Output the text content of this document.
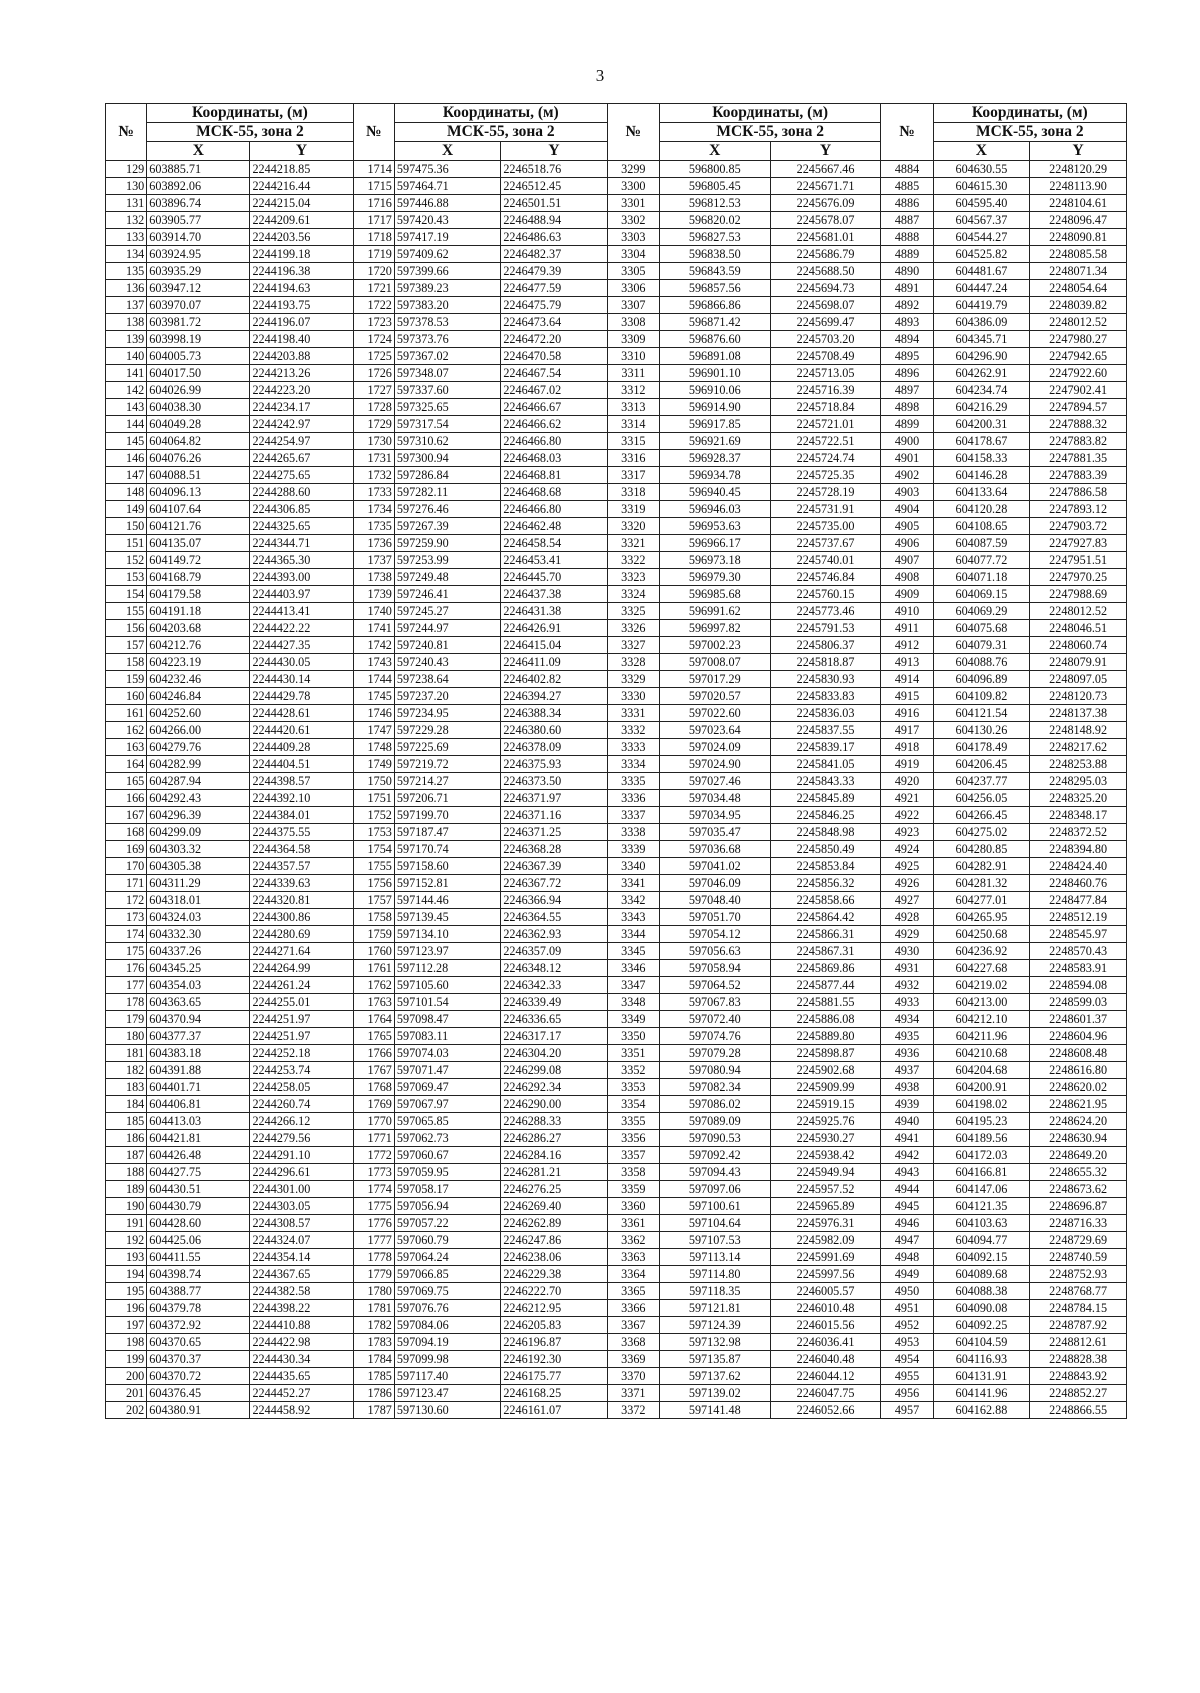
3
№	Координаты, (м)		№	Координаты, (м)		№	Координаты, (м)		№	Координаты, (м)	
	МСК-55, зона 2			МСК-55, зона 2			МСК-55, зона 2			МСК-55, зона 2	
	X	Y		X	Y		X	Y		X	Y
129	603885.71	2244218.85	1714	597475.36	2246518.76	3299	596800.85	2245667.46	4884	604630.55	2248120.29
130	603892.06	2244216.44	1715	597464.71	2246512.45	3300	596805.45	2245671.71	4885	604615.30	2248113.90
131	603896.74	2244215.04	1716	597446.88	2246501.51	3301	596812.53	2245676.09	4886	604595.40	2248104.61
132	603905.77	2244209.61	1717	597420.43	2246488.94	3302	596820.02	2245678.07	4887	604567.37	2248096.47
133	603914.70	2244203.56	1718	597417.19	2246486.63	3303	596827.53	2245681.01	4888	604544.27	2248090.81
134	603924.95	2244199.18	1719	597409.62	2246482.37	3304	596838.50	2245686.79	4889	604525.82	2248085.58
135	603935.29	2244196.38	1720	597399.66	2246479.39	3305	596843.59	2245688.50	4890	604481.67	2248071.34
136	603947.12	2244194.63	1721	597389.23	2246477.59	3306	596857.56	2245694.73	4891	604447.24	2248054.64
137	603970.07	2244193.75	1722	597383.20	2246475.79	3307	596866.86	2245698.07	4892	604419.79	2248039.82
138	603981.72	2244196.07	1723	597378.53	2246473.64	3308	596871.42	2245699.47	4893	604386.09	2248012.52
139	603998.19	2244198.40	1724	597373.76	2246472.20	3309	596876.60	2245703.20	4894	604345.71	2247980.27
140	604005.73	2244203.88	1725	597367.02	2246470.58	3310	596891.08	2245708.49	4895	604296.90	2247942.65
141	604017.50	2244213.26	1726	597348.07	2246467.54	3311	596901.10	2245713.05	4896	604262.91	2247922.60
142	604026.99	2244223.20	1727	597337.60	2246467.02	3312	596910.06	2245716.39	4897	604234.74	2247902.41
143	604038.30	2244234.17	1728	597325.65	2246466.67	3313	596914.90	2245718.84	4898	604216.29	2247894.57
144	604049.28	2244242.97	1729	597317.54	2246466.62	3314	596917.85	2245721.01	4899	604200.31	2247888.32
145	604064.82	2244254.97	1730	597310.62	2246466.80	3315	596921.69	2245722.51	4900	604178.67	2247883.82
146	604076.26	2244265.67	1731	597300.94	2246468.03	3316	596928.37	2245724.74	4901	604158.33	2247881.35
147	604088.51	2244275.65	1732	597286.84	2246468.81	3317	596934.78	2245725.35	4902	604146.28	2247883.39
148	604096.13	2244288.60	1733	597282.11	2246468.68	3318	596940.45	2245728.19	4903	604133.64	2247886.58
149	604107.64	2244306.85	1734	597276.46	2246466.80	3319	596946.03	2245731.91	4904	604120.28	2247893.12
150	604121.76	2244325.65	1735	597267.39	2246462.48	3320	596953.63	2245735.00	4905	604108.65	2247903.72
151	604135.07	2244344.71	1736	597259.90	2246458.54	3321	596966.17	2245737.67	4906	604087.59	2247927.83
152	604149.72	2244365.30	1737	597253.99	2246453.41	3322	596973.18	2245740.01	4907	604077.72	2247951.51
153	604168.79	2244393.00	1738	597249.48	2246445.70	3323	596979.30	2245746.84	4908	604071.18	2247970.25
154	604179.58	2244403.97	1739	597246.41	2246437.38	3324	596985.68	2245760.15	4909	604069.15	2247988.69
155	604191.18	2244413.41	1740	597245.27	2246431.38	3325	596991.62	2245773.46	4910	604069.29	2248012.52
156	604203.68	2244422.22	1741	597244.97	2246426.91	3326	596997.82	2245791.53	4911	604075.68	2248046.51
157	604212.76	2244427.35	1742	597240.81	2246415.04	3327	597002.23	2245806.37	4912	604079.31	2248060.74
158	604223.19	2244430.05	1743	597240.43	2246411.09	3328	597008.07	2245818.87	4913	604088.76	2248079.91
159	604232.46	2244430.14	1744	597238.64	2246402.82	3329	597017.29	2245830.93	4914	604096.89	2248097.05
160	604246.84	2244429.78	1745	597237.20	2246394.27	3330	597020.57	2245833.83	4915	604109.82	2248120.73
161	604252.60	2244428.61	1746	597234.95	2246388.34	3331	597022.60	2245836.03	4916	604121.54	2248137.38
162	604266.00	2244420.61	1747	597229.28	2246380.60	3332	597023.64	2245837.55	4917	604130.26	2248148.92
163	604279.76	2244409.28	1748	597225.69	2246378.09	3333	597024.09	2245839.17	4918	604178.49	2248217.62
164	604282.99	2244404.51	1749	597219.72	2246375.93	3334	597024.90	2245841.05	4919	604206.45	2248253.88
165	604287.94	2244398.57	1750	597214.27	2246373.50	3335	597027.46	2245843.33	4920	604237.77	2248295.03
166	604292.43	2244392.10	1751	597206.71	2246371.97	3336	597034.48	2245845.89	4921	604256.05	2248325.20
167	604296.39	2244384.01	1752	597199.70	2246371.16	3337	597034.95	2245846.25	4922	604266.45	2248348.17
168	604299.09	2244375.55	1753	597187.47	2246371.25	3338	597035.47	2245848.98	4923	604275.02	2248372.52
169	604303.32	2244364.58	1754	597170.74	2246368.28	3339	597036.68	2245850.49	4924	604280.85	2248394.80
170	604305.38	2244357.57	1755	597158.60	2246367.39	3340	597041.02	2245853.84	4925	604282.91	2248424.40
171	604311.29	2244339.63	1756	597152.81	2246367.72	3341	597046.09	2245856.32	4926	604281.32	2248460.76
172	604318.01	2244320.81	1757	597144.46	2246366.94	3342	597048.40	2245858.66	4927	604277.01	2248477.84
173	604324.03	2244300.86	1758	597139.45	2246364.55	3343	597051.70	2245864.42	4928	604265.95	2248512.19
174	604332.30	2244280.69	1759	597134.10	2246362.93	3344	597054.12	2245866.31	4929	604250.68	2248545.97
175	604337.26	2244271.64	1760	597123.97	2246357.09	3345	597056.63	2245867.31	4930	604236.92	2248570.43
176	604345.25	2244264.99	1761	597112.28	2246348.12	3346	597058.94	2245869.86	4931	604227.68	2248583.91
177	604354.03	2244261.24	1762	597105.60	2246342.33	3347	597064.52	2245877.44	4932	604219.02	2248594.08
178	604363.65	2244255.01	1763	597101.54	2246339.49	3348	597067.83	2245881.55	4933	604213.00	2248599.03
179	604370.94	2244251.97	1764	597098.47	2246336.65	3349	597072.40	2245886.08	4934	604212.10	2248601.37
180	604377.37	2244251.97	1765	597083.11	2246317.17	3350	597074.76	2245889.80	4935	604211.96	2248604.96
181	604383.18	2244252.18	1766	597074.03	2246304.20	3351	597079.28	2245898.87	4936	604210.68	2248608.48
182	604391.88	2244253.74	1767	597071.47	2246299.08	3352	597080.94	2245902.68	4937	604204.68	2248616.80
183	604401.71	2244258.05	1768	597069.47	2246292.34	3353	597082.34	2245909.99	4938	604200.91	2248620.02
184	604406.81	2244260.74	1769	597067.97	2246290.00	3354	597086.02	2245919.15	4939	604198.02	2248621.95
185	604413.03	2244266.12	1770	597065.85	2246288.33	3355	597089.09	2245925.76	4940	604195.23	2248624.20
186	604421.81	2244279.56	1771	597062.73	2246286.27	3356	597090.53	2245930.27	4941	604189.56	2248630.94
187	604426.48	2244291.10	1772	597060.67	2246284.16	3357	597092.42	2245938.42	4942	604172.03	2248649.20
188	604427.75	2244296.61	1773	597059.95	2246281.21	3358	597094.43	2245949.94	4943	604166.81	2248655.32
189	604430.51	2244301.00	1774	597058.17	2246276.25	3359	597097.06	2245957.52	4944	604147.06	2248673.62
190	604430.79	2244303.05	1775	597056.94	2246269.40	3360	597100.61	2245965.89	4945	604121.35	2248696.87
191	604428.60	2244308.57	1776	597057.22	2246262.89	3361	597104.64	2245976.31	4946	604103.63	2248716.33
192	604425.06	2244324.07	1777	597060.79	2246247.86	3362	597107.53	2245982.09	4947	604094.77	2248729.69
193	604411.55	2244354.14	1778	597064.24	2246238.06	3363	597113.14	2245991.69	4948	604092.15	2248740.59
194	604398.74	2244367.65	1779	597066.85	2246229.38	3364	597114.80	2245997.56	4949	604089.68	2248752.93
195	604388.77	2244382.58	1780	597069.75	2246222.70	3365	597118.35	2246005.57	4950	604088.38	2248768.77
196	604379.78	2244398.22	1781	597076.76	2246212.95	3366	597121.81	2246010.48	4951	604090.08	2248784.15
197	604372.92	2244410.88	1782	597084.06	2246205.83	3367	597124.39	2246015.56	4952	604092.25	2248787.92
198	604370.65	2244422.98	1783	597094.19	2246196.87	3368	597132.98	2246036.41	4953	604104.59	2248812.61
199	604370.37	2244430.34	1784	597099.98	2246192.30	3369	597135.87	2246040.48	4954	604116.93	2248828.38
200	604370.72	2244435.65	1785	597117.40	2246175.77	3370	597137.62	2246044.12	4955	604131.91	2248843.92
201	604376.45	2244452.27	1786	597123.47	2246168.25	3371	597139.02	2246047.75	4956	604141.96	2248852.27
202	604380.91	2244458.92	1787	597130.60	2246161.07	3372	597141.48	2246052.66	4957	604162.88	2248866.55
